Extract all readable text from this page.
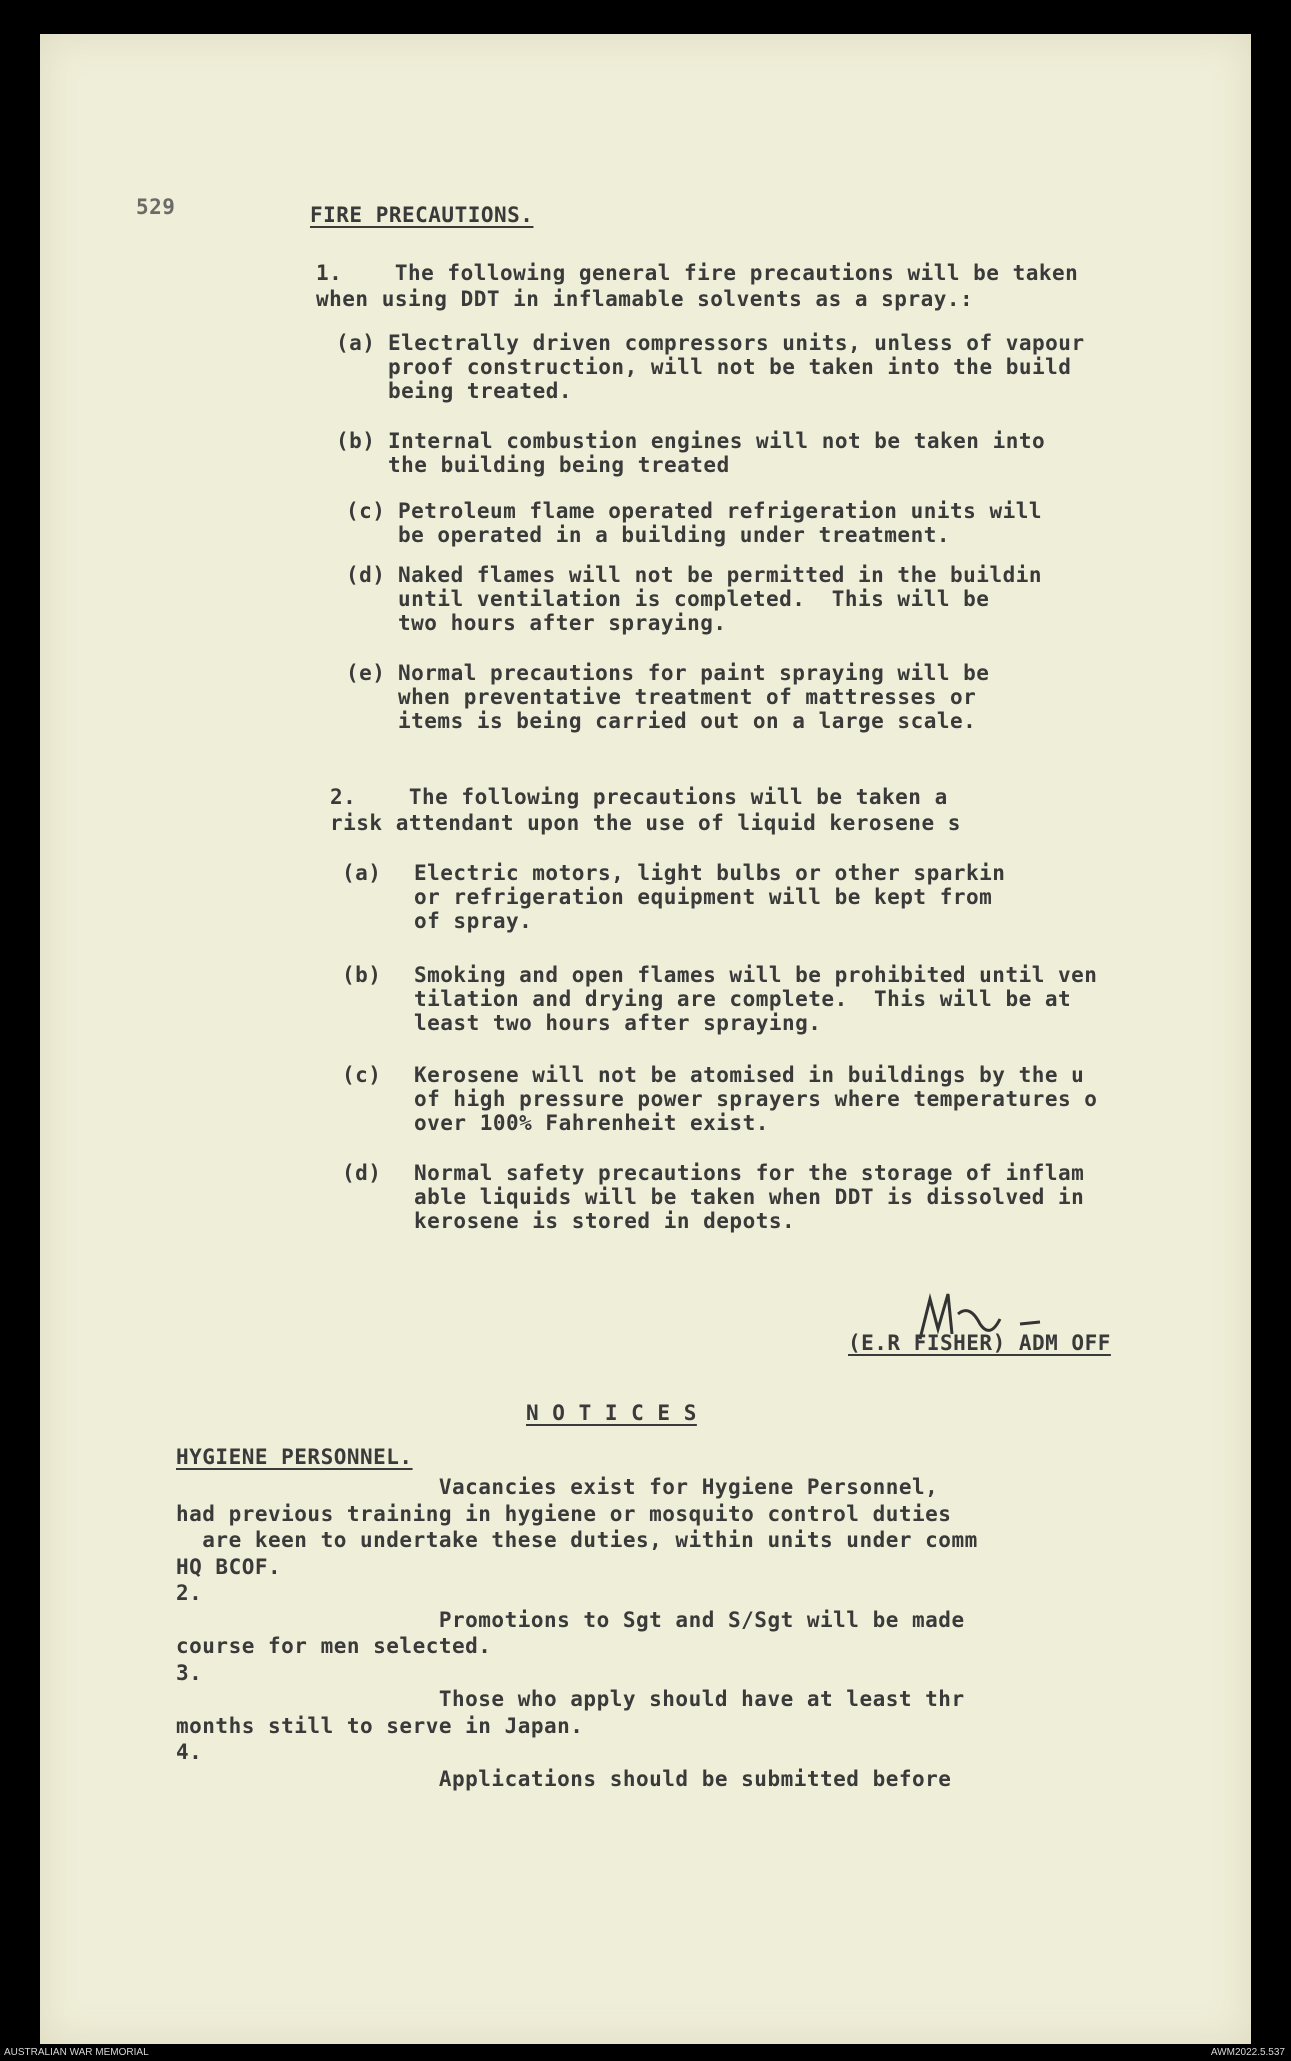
529	FIRE PRECAUTIONS.
1.    The following general fire precautions will be taken
when using DDT in inflamable solvents as a spray.:
(a) Electrally driven compressors units, unless of vapour
proof construction, will not be taken into the build
being treated.
(b) Internal combustion engines will not be taken into
the building being treated
(c) Petroleum flame operated refrigeration units will
be operated in a building under treatment.
(d) Naked flames will not be permitted in the buildin
until ventilation is completed.  This will be
two hours after spraying.
(e) Normal precautions for paint spraying will be
when preventative treatment of mattresses or
items is being carried out on a large scale.
2.    The following precautions will be taken a
risk attendant upon the use of liquid kerosene s
(a) Electric motors, light bulbs or other sparkin
or refrigeration equipment will be kept from
of spray.
(b) Smoking and open flames will be prohibited until ven
tilation and drying are complete.  This will be at
least two hours after spraying.
(c) Kerosene will not be atomised in buildings by the u
of high pressure power sprayers where temperatures o
over 100% Fahrenheit exist.
(d) Normal safety precautions for the storage of inflam
able liquids will be taken when DDT is dissolved in
kerosene is stored in depots.
(E.R FISHER) ADM OFF
N O T I C E S
HYGIENE PERSONNEL.
Vacancies exist for Hygiene Personnel,
had previous training in hygiene or mosquito control duties
are keen to undertake these duties, within units under comm
HQ BCOF.
2.
Promotions to Sgt and S/Sgt will be made
course for men selected.
3.
Those who apply should have at least thr
months still to serve in Japan.
4.
Applications should be submitted before
AUSTRALIAN WAR MEMORIAL	AWM2022.5.537
